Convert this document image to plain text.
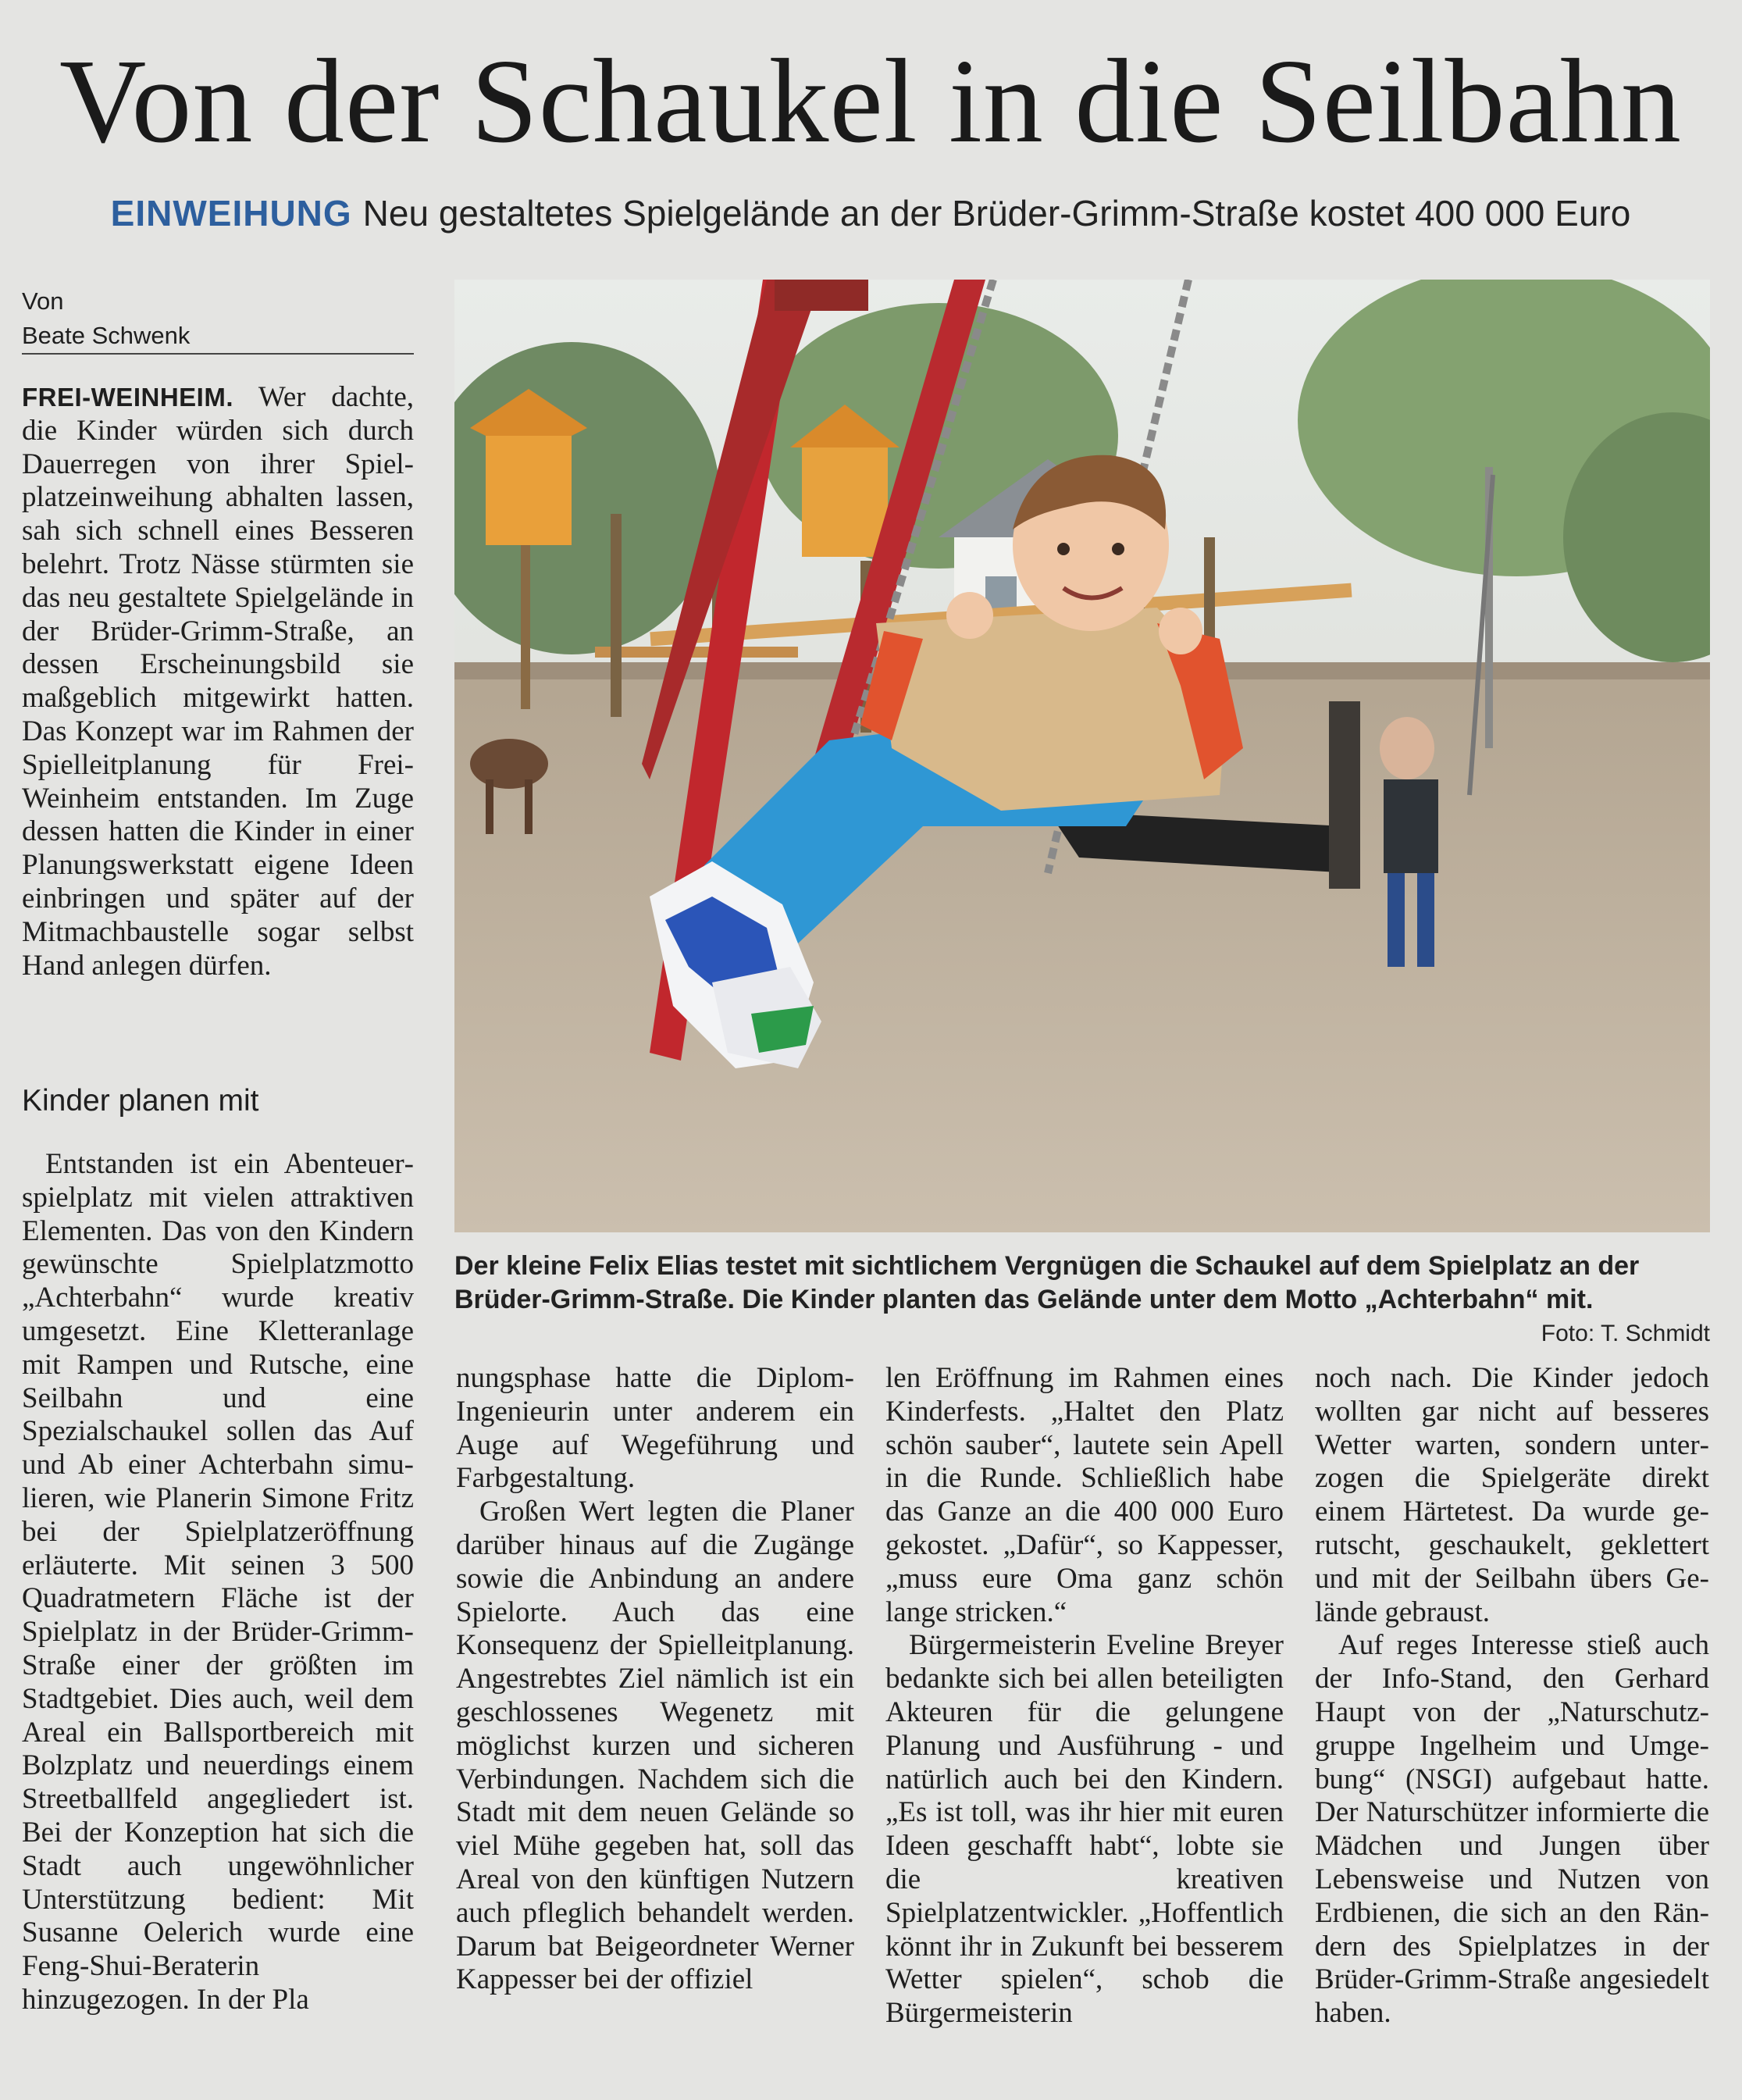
Von der Schaukel in die Seilbahn
EINWEIHUNG Neu gestaltetes Spielgelände an der Brüder-Grimm-Straße kostet 400 000 Euro
Von
Beate Schwenk

FREI-WEINHEIM. Wer dachte, die Kinder würden sich durch Dauerregen von ihrer Spielplatzeinweihung abhalten lassen, sah sich schnell eines Besseren belehrt. Trotz Nässe stürmten sie das neu gestaltete Spielgelände in der Brüder-Grimm-Straße, an dessen Erscheinungsbild sie maßgeblich mitgewirkt hatten. Das Konzept war im Rahmen der Spielleitplanung für Frei-Weinheim entstanden. Im Zuge dessen hatten die Kinder in einer Planungswerkstatt eigene Ideen einbringen und später auf der Mitmachbaustelle sogar selbst Hand anlegen dürfen.

Kinder planen mit

Entstanden ist ein Abenteuerspielplatz mit vielen attraktiven Elementen. Das von den Kindern gewünschte Spielplatzmotto „Achterbahn“ wurde kreativ umgesetzt. Eine Kletteranlage mit Rampen und Rutsche, eine Seilbahn und eine Spezialschaukel sollen das Auf und Ab einer Achterbahn simulieren, wie Planerin Simone Fritz bei der Spielplatzeröffnung erläuterte. Mit seinen 3 500 Quadratmetern Fläche ist der Spielplatz in der Brüder-Grimm-Straße einer der größten im Stadtgebiet. Dies auch, weil dem Areal ein Ballsportbereich mit Bolzplatz und neuerdings einem Streetballfeld angegliedert ist. Bei der Konzeption hat sich die Stadt auch ungewöhnlicher Unterstützung bedient: Mit Susanne Oelerich wurde eine Feng-Shui-Beraterin hinzugezogen. In der Pla

Der kleine Felix Elias testet mit sichtlichem Vergnügen die Schaukel auf dem Spielplatz an der Brüder-Grimm-Straße. Die Kinder planten das Gelände unter dem Motto „Achterbahn“ mit.
Foto: T. Schmidt

nungsphase hatte die Diplom-Ingenieurin unter anderem ein Auge auf Wegeführung und Farbgestaltung.

Großen Wert legten die Planer darüber hinaus auf die Zugänge sowie die Anbindung an andere Spielorte. Auch das eine Konsequenz der Spielleitplanung. Angestrebtes Ziel nämlich ist ein geschlossenes Wegenetz mit möglichst kurzen und sicheren Verbindungen. Nachdem sich die Stadt mit dem neuen Gelände so viel Mühe gegeben hat, soll das Areal von den künftigen Nutzern auch pfleglich behandelt werden. Darum bat Beigeordneter Werner Kappesser bei der offiziel

len Eröffnung im Rahmen eines Kinderfests. „Haltet den Platz schön sauber“, lautete sein Apell in die Runde. Schließlich habe das Ganze an die 400 000 Euro gekostet. „Dafür“, so Kappesser, „muss eure Oma ganz schön lange stricken.“

Bürgermeisterin Eveline Breyer bedankte sich bei allen beteiligten Akteuren für die gelungene Planung und Ausführung - und natürlich auch bei den Kindern. „Es ist toll, was ihr hier mit euren Ideen geschafft habt“, lobte sie die kreativen Spielplatzentwickler. „Hoffentlich könnt ihr in Zukunft bei besserem Wetter spielen“, schob die Bürgermeisterin

noch nach. Die Kinder jedoch wollten gar nicht auf besseres Wetter warten, sondern unterzogen die Spielgeräte direkt einem Härtetest. Da wurde gerutscht, geschaukelt, geklettert und mit der Seilbahn übers Gelände gebraust.

Auf reges Interesse stieß auch der Info-Stand, den Gerhard Haupt von der „Naturschutzgruppe Ingelheim und Umgebung“ (NSGI) aufgebaut hatte. Der Naturschützer informierte die Mädchen und Jungen über Lebensweise und Nutzen von Erdbienen, die sich an den Rändern des Spielplatzes in der Brüder-Grimm-Straße angesiedelt haben.
